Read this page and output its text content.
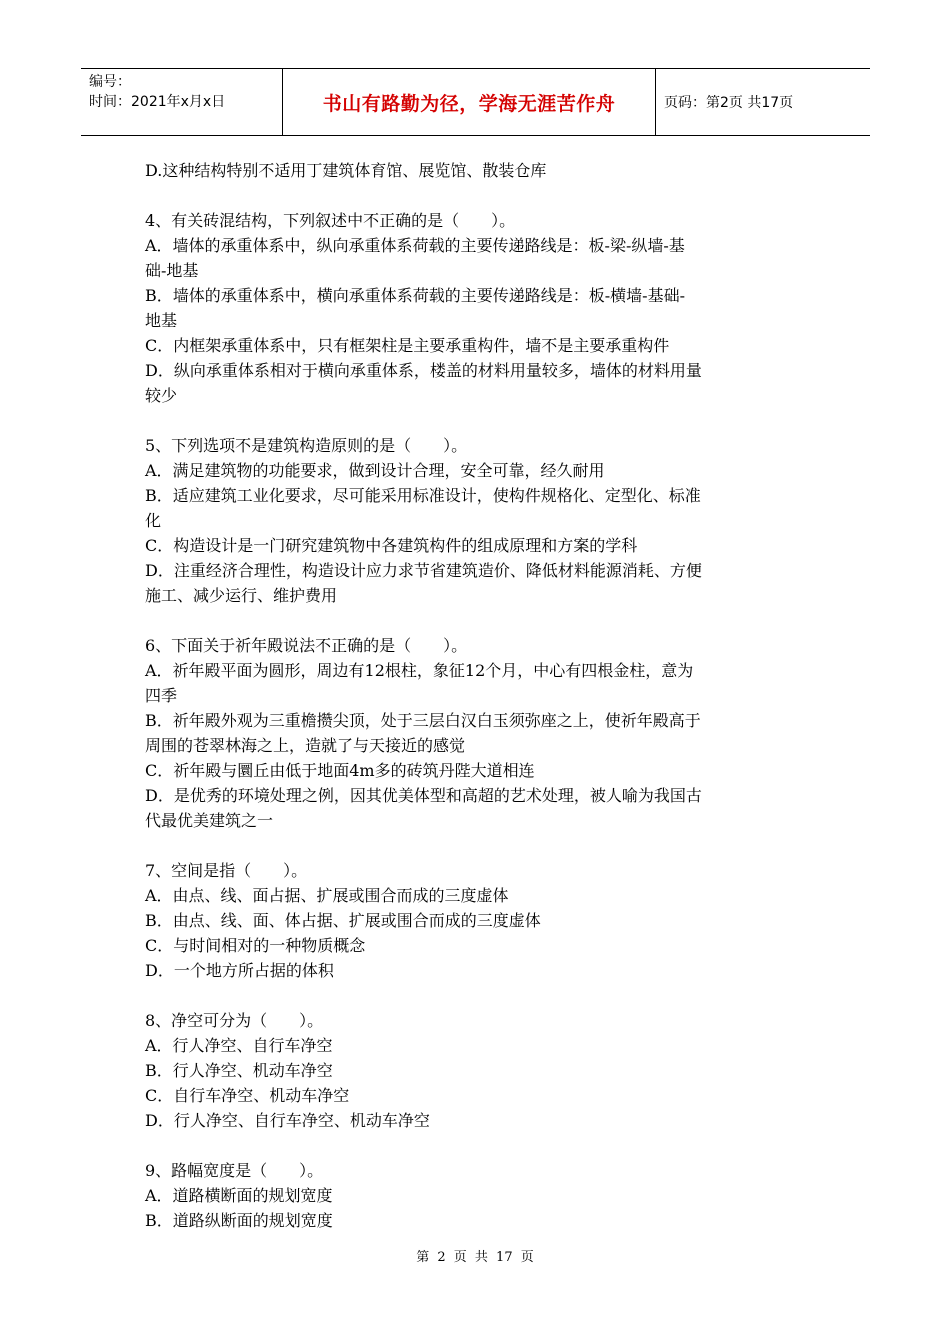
编号：
时间：2021年x月x日	书山有路勤为径，学海无涯苦作舟	页码：第2页 共17页
D.这种结构特别不适用丁建筑体育馆、展览馆、散装仓库
4、有关砖混结构，下列叙述中不正确的是（　　）。
A．墙体的承重体系中，纵向承重体系荷载的主要传递路线是：板-梁-纵墙-基
础-地基
B．墙体的承重体系中，横向承重体系荷载的主要传递路线是：板-横墙-基础-
地基
C．内框架承重体系中，只有框架柱是主要承重构件，墙不是主要承重构件
D．纵向承重体系相对于横向承重体系，楼盖的材料用量较多，墙体的材料用量
较少
5、下列选项不是建筑构造原则的是（　　）。
A．满足建筑物的功能要求，做到设计合理，安全可靠，经久耐用
B．适应建筑工业化要求，尽可能采用标准设计，使构件规格化、定型化、标准
化
C．构造设计是一门研究建筑物中各建筑构件的组成原理和方案的学科
D．注重经济合理性，构造设计应力求节省建筑造价、降低材料能源消耗、方便
施工、减少运行、维护费用
6、下面关于祈年殿说法不正确的是（　　）。
A．祈年殿平面为圆形，周边有12根柱，象征12个月，中心有四根金柱，意为
四季
B．祈年殿外观为三重檐攒尖顶，处于三层白汉白玉须弥座之上，使祈年殿高于
周围的苍翠林海之上，造就了与天接近的感觉
C．祈年殿与圜丘由低于地面4m多的砖筑丹陛大道相连
D．是优秀的环境处理之例，因其优美体型和高超的艺术处理，被人喻为我国古
代最优美建筑之一
7、空间是指（　　）。
A．由点、线、面占据、扩展或围合而成的三度虚体
B．由点、线、面、体占据、扩展或围合而成的三度虚体
C．与时间相对的一种物质概念
D．一个地方所占据的体积
8、净空可分为（　　）。
A．行人净空、自行车净空
B．行人净空、机动车净空
C．自行车净空、机动车净空
D．行人净空、自行车净空、机动车净空
9、路幅宽度是（　　）。
A．道路横断面的规划宽度
B．道路纵断面的规划宽度
第 2 页 共 17 页
